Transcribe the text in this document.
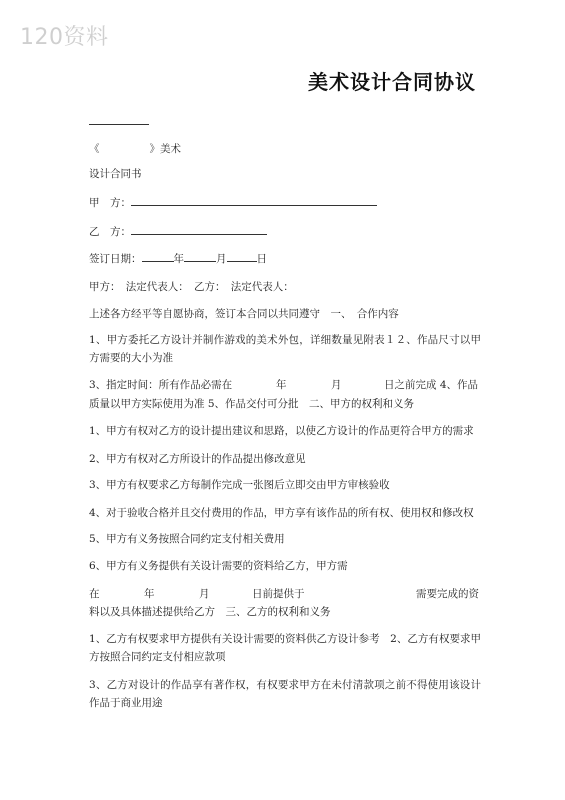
120资料
美术设计合同协议
《	》美术
设计合同书
甲　方：
乙　方：
签订日期：	年	月	日
甲方：　法定代表人：　乙方：　法定代表人：
上述各方经平等自愿协商，签订本合同以共同遵守　一、　合作内容
1、甲方委托乙方设计并制作游戏的美术外包，详细数量见附表１２、作品尺寸以甲方需要的大小为准
3、指定时间：所有作品必需在	年	月	日之前完成 4、作品
质量以甲方实际使用为准 5、作品交付可分批　二、甲方的权利和义务
1、甲方有权对乙方的设计提出建议和思路，以使乙方设计的作品更符合甲方的需求
2、甲方有权对乙方所设计的作品提出修改意见
3、甲方有权要求乙方每制作完成一张图后立即交由甲方审核验收
4、对于验收合格并且交付费用的作品，甲方享有该作品的所有权、使用权和修改权
5、甲方有义务按照合同约定支付相关费用
6、甲方有义务提供有关设计需要的资料给乙方，甲方需
在	年	月	日前提供于	需要完成的资
料以及具体描述提供给乙方　三、乙方的权利和义务
1、乙方有权要求甲方提供有关设计需要的资料供乙方设计参考　2、乙方有权要求甲方按照合同约定支付相应款项
3、乙方对设计的作品享有著作权，有权要求甲方在未付清款项之前不得使用该设计作品于商业用途
